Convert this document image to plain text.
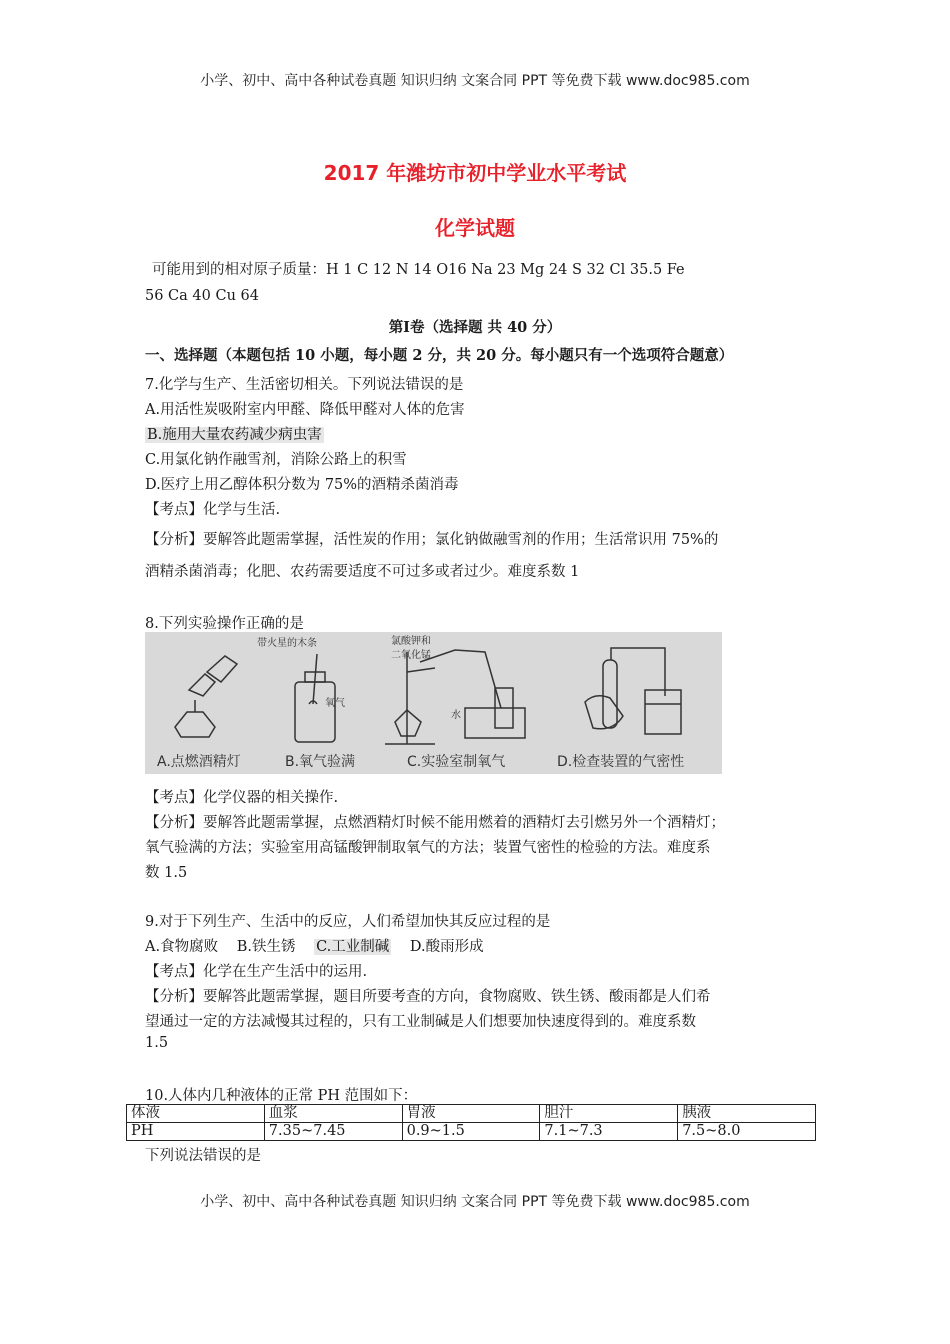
小学、初中、高中各种试卷真题 知识归纳 文案合同 PPT 等免费下载 www.doc985.com
2017 年潍坊市初中学业水平考试
化学试题
可能用到的相对原子质量：H 1 C 12 N 14 O16 Na 23 Mg 24 S 32 Cl 35.5 Fe
56 Ca 40 Cu 64
第Ⅰ卷（选择题 共 40 分）
一、选择题（本题包括 10 小题，每小题 2 分，共 20 分。每小题只有一个选项符合题意）
7.化学与生产、生活密切相关。下列说法错误的是
A.用活性炭吸附室内甲醛、降低甲醛对人体的危害
B.施用大量农药减少病虫害
C.用氯化钠作融雪剂，消除公路上的积雪
D.医疗上用乙醇体积分数为 75%的酒精杀菌消毒
【考点】化学与生活.
【分析】要解答此题需掌握，活性炭的作用；氯化钠做融雪剂的作用；生活常识用 75%的
酒精杀菌消毒；化肥、农药需要适度不可过多或者过少。难度系数 1
8.下列实验操作正确的是
带火星的木条
氧气
氯酸钾和
二氧化锰
水
A.点燃酒精灯	B.氧气验满	C.实验室制氧气	D.检查装置的气密性
【考点】化学仪器的相关操作.
【分析】要解答此题需掌握，点燃酒精灯时候不能用燃着的酒精灯去引燃另外一个酒精灯；
氧气验满的方法；实验室用高锰酸钾制取氧气的方法；装置气密性的检验的方法。难度系
数 1.5
9.对于下列生产、生活中的反应，人们希望加快其反应过程的是
A.食物腐败 B.铁生锈 C.工业制碱 D.酸雨形成
【考点】化学在生产生活中的运用.
【分析】要解答此题需掌握，题目所要考查的方向，食物腐败、铁生锈、酸雨都是人们希
望通过一定的方法减慢其过程的，只有工业制碱是人们想要加快速度得到的。难度系数
1.5
10.人体内几种液体的正常 PH 范围如下：
体液	血浆	胃液	胆汁	胰液
PH	7.35~7.45	0.9~1.5	7.1~7.3	7.5~8.0
下列说法错误的是
小学、初中、高中各种试卷真题 知识归纳 文案合同 PPT 等免费下载 www.doc985.com
